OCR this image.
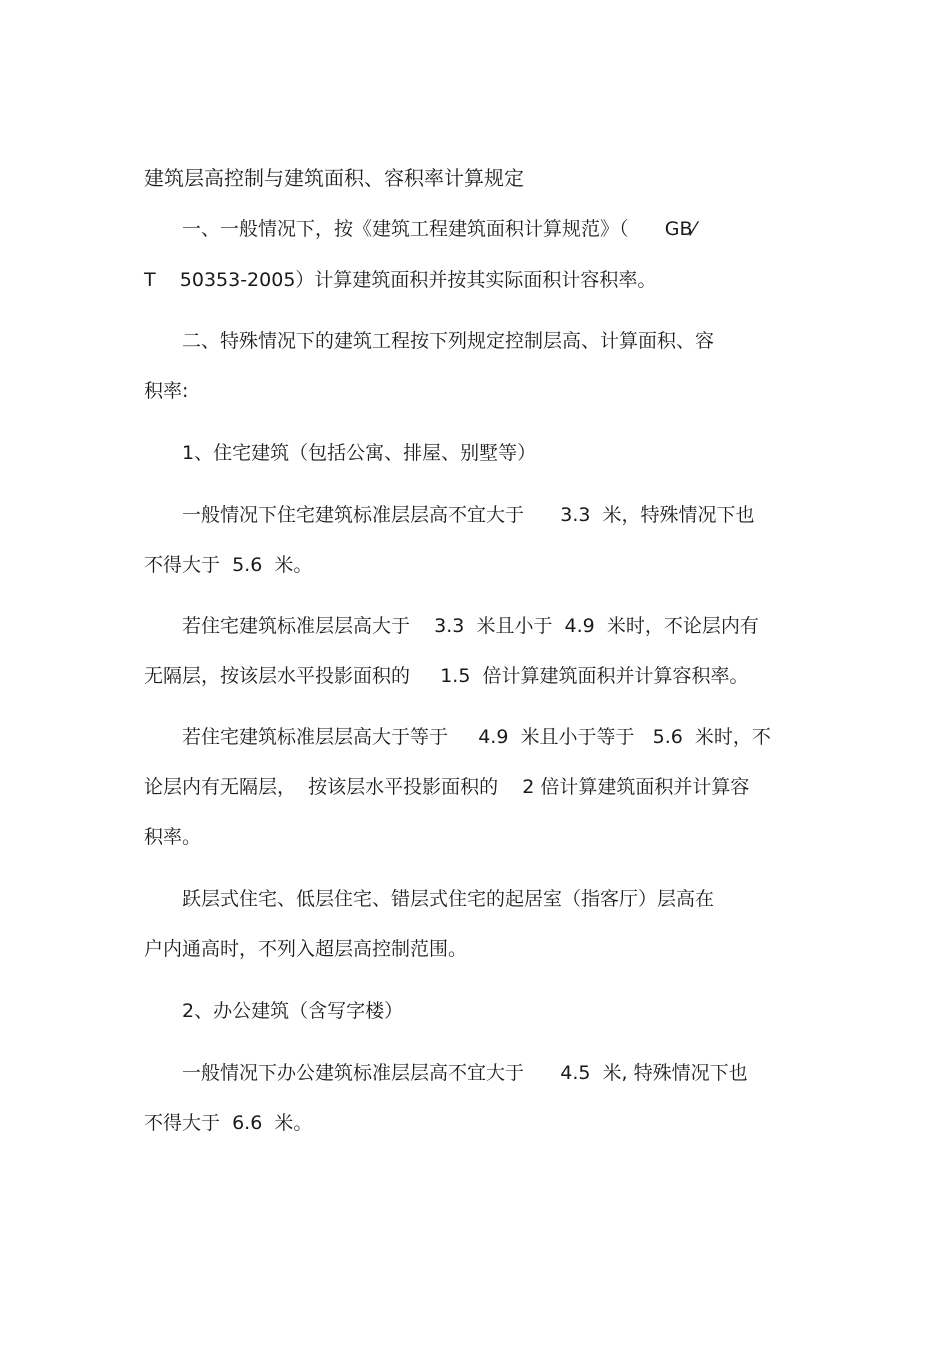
建筑层高控制与建筑面积、容积率计算规定

一、一般情况下，按《建筑工程建筑面积计算规范》（      GB⁄

T    50353-2005）计算建筑面积并按其实际面积计容积率。

二、特殊情况下的建筑工程按下列规定控制层高、计算面积、容

积率:

1、住宅建筑（包括公寓、排屋、别墅等）

一般情况下住宅建筑标准层层高不宜大于      3.3  米，特殊情况下也

不得大于  5.6  米。

若住宅建筑标准层层高大于    3.3  米且小于  4.9  米时，不论层内有

无隔层，按该层水平投影面积的     1.5  倍计算建筑面积并计算容积率。

若住宅建筑标准层层高大于等于     4.9  米且小于等于   5.6  米时，不

论层内有无隔层，  按该层水平投影面积的    2 倍计算建筑面积并计算容

积率。

跃层式住宅、低层住宅、错层式住宅的起居室（指客厅）层高在

户内通高时，不列入超层高控制范围。

2、办公建筑（含写字楼）

一般情况下办公建筑标准层层高不宜大于      4.5  米, 特殊情况下也

不得大于  6.6  米。
